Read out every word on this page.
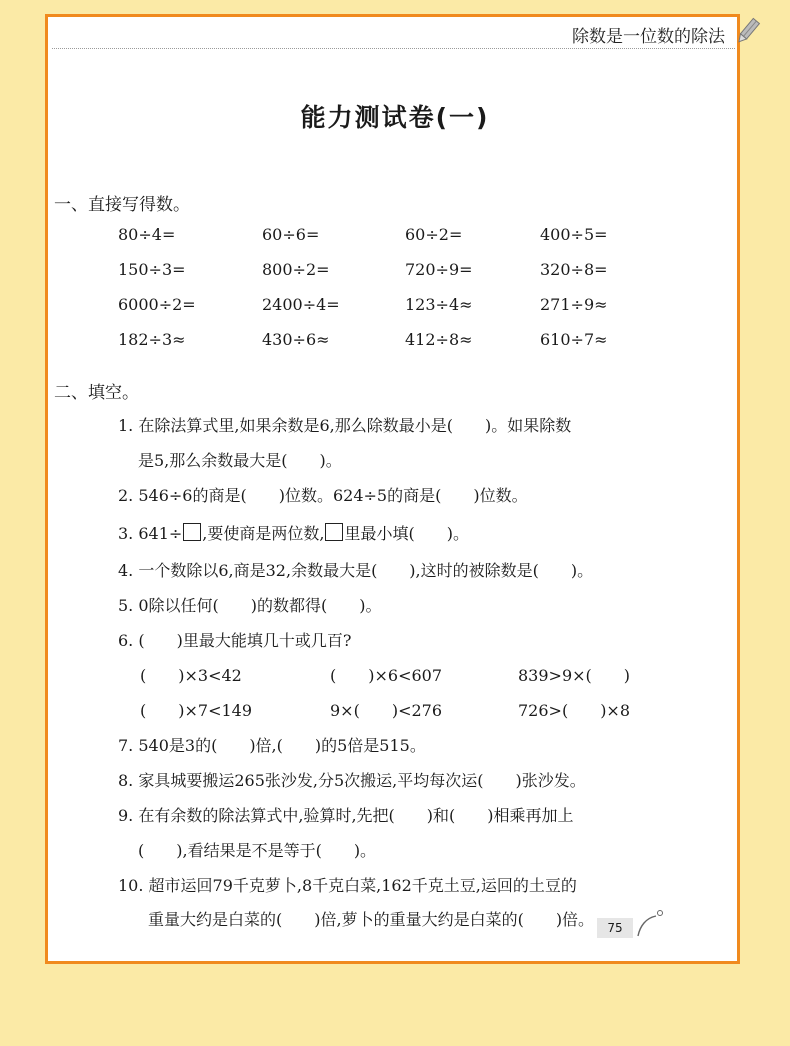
除数是一位数的除法
能力测试卷(一)
一、直接写得数。
80÷4=	60÷6=	60÷2=	400÷5=
150÷3=	800÷2=	720÷9=	320÷8=
6000÷2=	2400÷4=	123÷4≈	271÷9≈
182÷3≈	430÷6≈	412÷8≈	610÷7≈
二、填空。
1. 在除法算式里,如果余数是6,那么除数最小是(　　)。如果除数
是5,那么余数最大是(　　)。
2. 546÷6的商是(　　)位数。624÷5的商是(　　)位数。
3. 641÷ ,要使商是两位数, 里最小填(　　)。
4. 一个数除以6,商是32,余数最大是(　　),这时的被除数是(　　)。
5. 0除以任何(　　)的数都得(　　)。
6. (　　)里最大能填几十或几百?
(　　)×3<42	(　　)×6<607	839>9×(　　)
(　　)×7<149	9×(　　)<276	726>(　　)×8
7. 540是3的(　　)倍,(　　)的5倍是515。
8. 家具城要搬运265张沙发,分5次搬运,平均每次运(　　)张沙发。
9. 在有余数的除法算式中,验算时,先把(　　)和(　　)相乘再加上
(　　),看结果是不是等于(　　)。
10. 超市运回79千克萝卜,8千克白菜,162千克土豆,运回的土豆的
重量大约是白菜的(　　)倍,萝卜的重量大约是白菜的(　　)倍。	75
